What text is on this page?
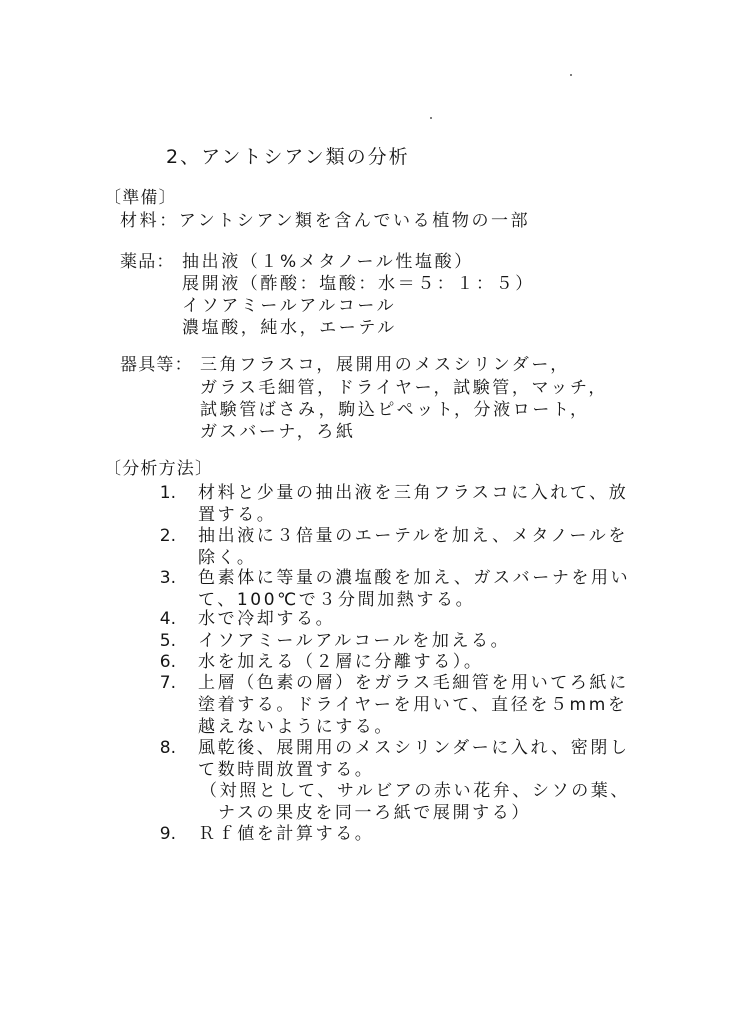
2、アントシアン類の分析
〔準備〕
材料：アントシアン類を含んでいる植物の一部
薬品： 抽出液（１%メタノール性塩酸）
展開液（酢酸：塩酸：水＝５：１：５）
イソアミールアルコール
濃塩酸，純水，エーテル
器具等： 三角フラスコ，展開用のメスシリンダー，
ガラス毛細管，ドライヤー，試験管，マッチ，
試験管ばさみ，駒込ピペット，分液ロート，
ガスバーナ，ろ紙
〔分析方法〕
1. 材料と少量の抽出液を三角フラスコに入れて、放
置する。
2. 抽出液に３倍量のエーテルを加え、メタノールを
除く。
3. 色素体に等量の濃塩酸を加え、ガスバーナを用い
て、100℃で３分間加熱する。
4. 水で冷却する。
5. イソアミールアルコールを加える。
6. 水を加える（２層に分離する）。
7. 上層（色素の層）をガラス毛細管を用いてろ紙に
塗着する。ドライヤーを用いて、直径を５mmを
越えないようにする。
8. 風乾後、展開用のメスシリンダーに入れ、密閉し
て数時間放置する。
（対照として、サルビアの赤い花弁、シソの葉、
ナスの果皮を同一ろ紙で展開する）
9. Ｒｆ値を計算する。
